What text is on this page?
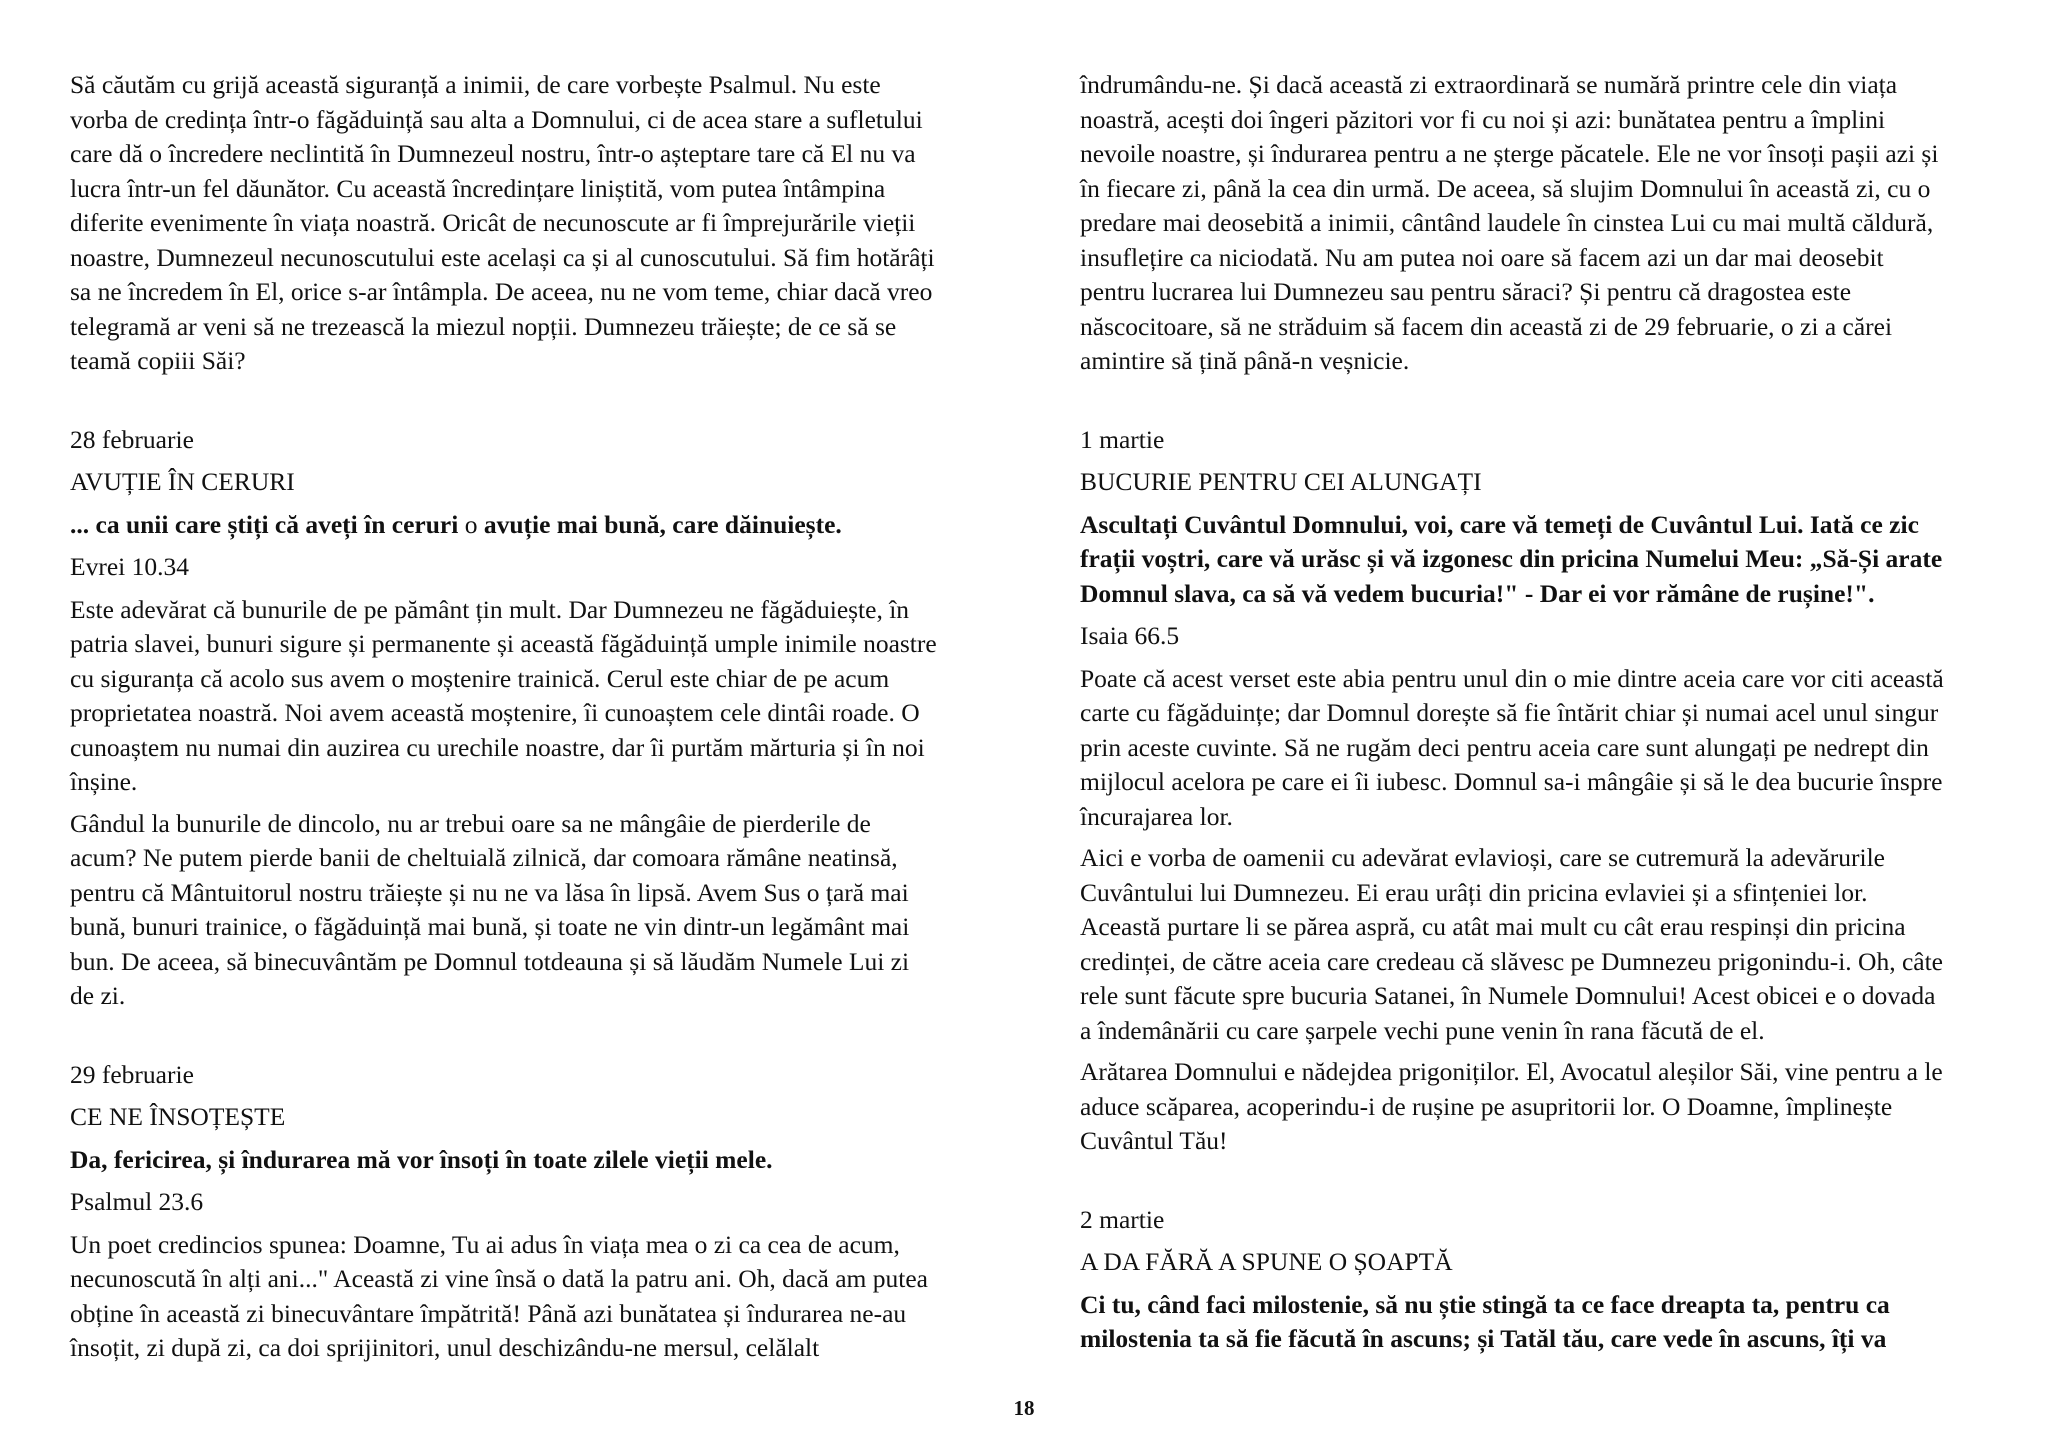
Să căutăm cu grijă această siguranță a inimii, de care vorbește Psalmul. Nu este
vorba de credința într-o făgăduință sau alta a Domnului, ci de acea stare a sufletului
care dă o încredere neclintită în Dumnezeul nostru, într-o așteptare tare că El nu va
lucra într-un fel dăunător. Cu această încredințare liniștită, vom putea întâmpina
diferite evenimente în viața noastră. Oricât de necunoscute ar fi împrejurările vieții
noastre, Dumnezeul necunoscutului este același ca și al cunoscutului. Să fim hotărâți
sa ne încredem în El, orice s-ar întâmpla. De aceea, nu ne vom teme, chiar dacă vreo
telegramă ar veni să ne trezească la miezul nopții. Dumnezeu trăiește; de ce să se
teamă copiii Săi?

28 februarie

AVUȚIE ÎN CERURI

... ca unii care știți că aveți în ceruri o avuție mai bună, care dăinuiește.

Evrei 10.34

Este adevărat că bunurile de pe pământ țin mult. Dar Dumnezeu ne făgăduiește, în
patria slavei, bunuri sigure și permanente și această făgăduință umple inimile noastre
cu siguranța că acolo sus avem o moștenire trainică. Cerul este chiar de pe acum
proprietatea noastră. Noi avem această moștenire, îi cunoaștem cele dintâi roade. O
cunoaștem nu numai din auzirea cu urechile noastre, dar îi purtăm mărturia și în noi
înșine.

Gândul la bunurile de dincolo, nu ar trebui oare sa ne mângâie de pierderile de
acum? Ne putem pierde banii de cheltuială zilnică, dar comoara rămâne neatinsă,
pentru că Mântuitorul nostru trăiește și nu ne va lăsa în lipsă. Avem Sus o țară mai
bună, bunuri trainice, o făgăduință mai bună, și toate ne vin dintr-un legământ mai
bun. De aceea, să binecuvântăm pe Domnul totdeauna și să lăudăm Numele Lui zi
de zi.

29 februarie

CE NE ÎNSOȚEȘTE

Da, fericirea, și îndurarea mă vor însoți în toate zilele vieții mele.

Psalmul 23.6

Un poet credincios spunea: Doamne, Tu ai adus în viața mea o zi ca cea de acum,
necunoscută în alți ani..." Această zi vine însă o dată la patru ani. Oh, dacă am putea
obține în această zi binecuvântare împătrită! Până azi bunătatea și îndurarea ne-au
însoțit, zi după zi, ca doi sprijinitori, unul deschizându-ne mersul, celălalt

îndrumându-ne. Și dacă această zi extraordinară se numără printre cele din viața
noastră, acești doi îngeri păzitori vor fi cu noi și azi: bunătatea pentru a împlini
nevoile noastre, și îndurarea pentru a ne șterge păcatele. Ele ne vor însoți pașii azi și
în fiecare zi, până la cea din urmă. De aceea, să slujim Domnului în această zi, cu o
predare mai deosebită a inimii, cântând laudele în cinstea Lui cu mai multă căldură,
insuflețire ca niciodată. Nu am putea noi oare să facem azi un dar mai deosebit
pentru lucrarea lui Dumnezeu sau pentru săraci? Și pentru că dragostea este
născocitoare, să ne străduim să facem din această zi de 29 februarie, o zi a cărei
amintire să țină până-n veșnicie.

1 martie

BUCURIE PENTRU CEI ALUNGAȚI

Ascultați Cuvântul Domnului, voi, care vă temeți de Cuvântul Lui. Iată ce zic
frații voștri, care vă urăsc și vă izgonesc din pricina Numelui Meu: „Să-Și arate
Domnul slava, ca să vă vedem bucuria!" - Dar ei vor rămâne de rușine!".

Isaia 66.5

Poate că acest verset este abia pentru unul din o mie dintre aceia care vor citi această
carte cu făgăduințe; dar Domnul dorește să fie întărit chiar și numai acel unul singur
prin aceste cuvinte. Să ne rugăm deci pentru aceia care sunt alungați pe nedrept din
mijlocul acelora pe care ei îi iubesc. Domnul sa-i mângâie și să le dea bucurie înspre
încurajarea lor.

Aici e vorba de oamenii cu adevărat evlavioși, care se cutremură la adevărurile
Cuvântului lui Dumnezeu. Ei erau urâți din pricina evlaviei și a sfințeniei lor.
Această purtare li se părea aspră, cu atât mai mult cu cât erau respinși din pricina
credinței, de către aceia care credeau că slăvesc pe Dumnezeu prigonindu-i. Oh, câte
rele sunt făcute spre bucuria Satanei, în Numele Domnului! Acest obicei e o dovada
a îndemânării cu care șarpele vechi pune venin în rana făcută de el.

Arătarea Domnului e nădejdea prigoniților. El, Avocatul aleșilor Săi, vine pentru a le
aduce scăparea, acoperindu-i de rușine pe asupritorii lor. O Doamne, împlinește
Cuvântul Tău!

2 martie

A DA FĂRĂ A SPUNE O ȘOAPTĂ

Ci tu, când faci milostenie, să nu știe stingă ta ce face dreapta ta, pentru ca
milostenia ta să fie făcută în ascuns; și Tatăl tău, care vede în ascuns, îți va

18
